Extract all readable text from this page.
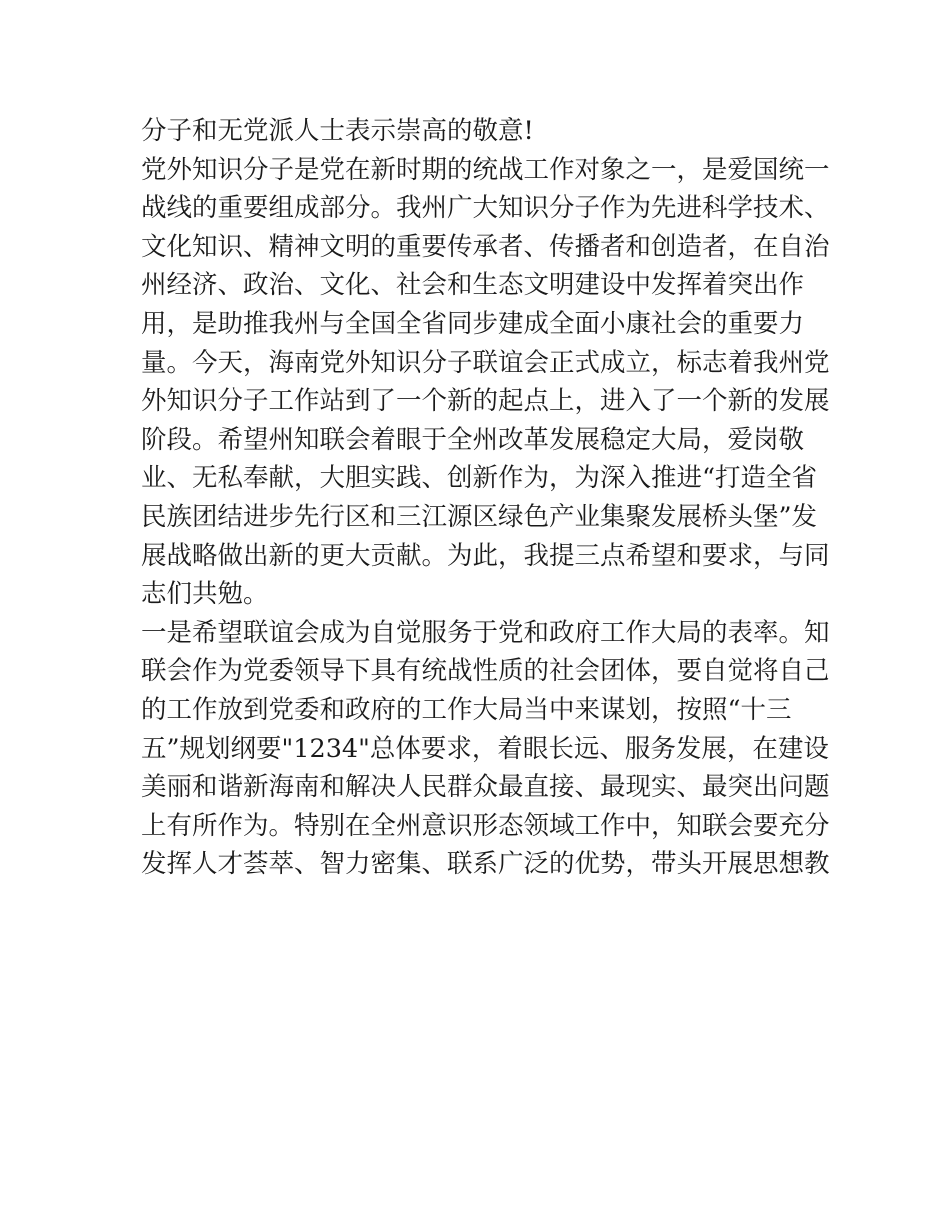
分子和无党派人士表示崇高的敬意!
党外知识分子是党在新时期的统战工作对象之一，是爱国统一
战线的重要组成部分。我州广大知识分子作为先进科学技术、
文化知识、精神文明的重要传承者、传播者和创造者，在自治
州经济、政治、文化、社会和生态文明建设中发挥着突出作
用，是助推我州与全国全省同步建成全面小康社会的重要力
量。今天，海南党外知识分子联谊会正式成立，标志着我州党
外知识分子工作站到了一个新的起点上，进入了一个新的发展
阶段。希望州知联会着眼于全州改革发展稳定大局，爱岗敬
业、无私奉献，大胆实践、创新作为，为深入推进“打造全省
民族团结进步先行区和三江源区绿色产业集聚发展桥头堡”发
展战略做出新的更大贡献。为此，我提三点希望和要求，与同
志们共勉。
一是希望联谊会成为自觉服务于党和政府工作大局的表率。知
联会作为党委领导下具有统战性质的社会团体，要自觉将自己
的工作放到党委和政府的工作大局当中来谋划，按照“十三
五”规划纲要"1234"总体要求，着眼长远、服务发展，在建设
美丽和谐新海南和解决人民群众最直接、最现实、最突出问题
上有所作为。特别在全州意识形态领域工作中，知联会要充分
发挥人才荟萃、智力密集、联系广泛的优势，带头开展思想教
